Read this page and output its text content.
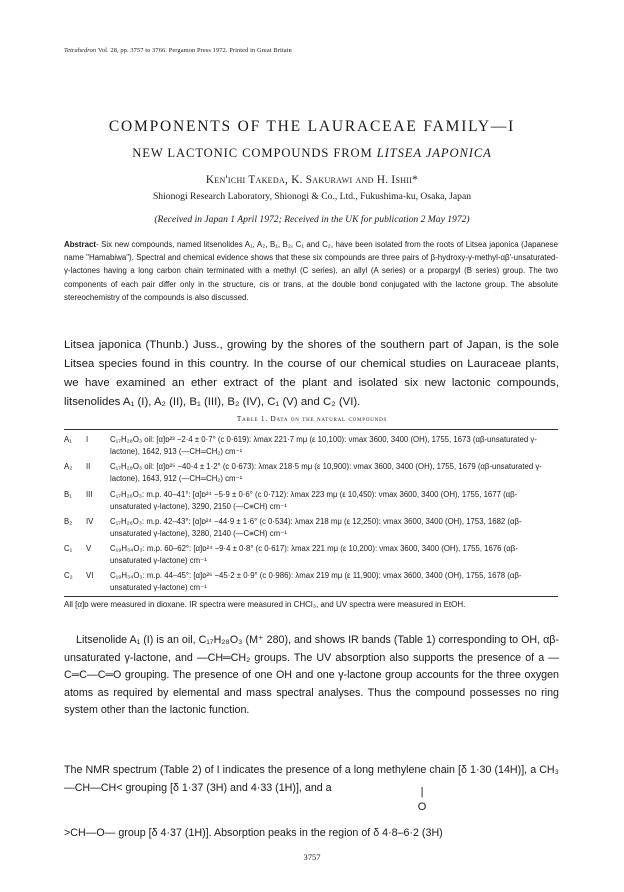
Tetrahedron Vol. 28, pp. 3757 to 3766. Pergamon Press 1972. Printed in Great Britain
COMPONENTS OF THE LAURACEAE FAMILY—I
NEW LACTONIC COMPOUNDS FROM LITSEA JAPONICA
Ken'ichi Takeda, K. Sakurawi and H. Ishii*
Shionogi Research Laboratory, Shionogi & Co., Ltd., Fukushima-ku, Osaka, Japan
(Received in Japan 1 April 1972; Received in the UK for publication 2 May 1972)
Abstract- Six new compounds, named litsenolides A₁, A₂, B₁, B₂, C₁ and C₂, have been isolated from the roots of Litsea japonica (Japanese name "Hamabiwa"). Spectral and chemical evidence shows that these six compounds are three pairs of β-hydroxy-γ-methyl-αβ'-unsaturated-γ-lactones having a long carbon chain terminated with a methyl (C series), an allyl (A series) or a propargyl (B series) group. The two components of each pair differ only in the structure, cis or trans, at the double bond conjugated with the lactone group. The absolute stereochemistry of the compounds is also discussed.
Litsea japonica (Thunb.) Juss., growing by the shores of the southern part of Japan, is the sole Litsea species found in this country. In the course of our chemical studies on Lauraceae plants, we have examined an ether extract of the plant and isolated six new lactonic compounds, litsenolides A₁ (I), A₂ (II), B₁ (III), B₂ (IV), C₁ (V) and C₂ (VI).
Table 1. Data on the natural compounds
A₁ I	C₁₇H₂₈O₃ oil: [α]ᴅ²³ −2·4 ± 0·7° (c 0·619): λmax 221·7 mμ (ε 10,100): νmax 3600, 3400 (OH), 1755, 1673 (αβ-unsaturated γ-lactone), 1642, 913 (—CH═CH₂) cm⁻¹
A₂ II	C₁₇H₂₈O₃ oil: [α]ᴅ²⁵ −40·4 ± 1·2° (c 0·673): λmax 218·5 mμ (ε 10,900): νmax 3600, 3400 (OH), 1755, 1679 (αβ-unsaturated γ-lactone), 1643, 912 (—CH═CH₂) cm⁻¹
B₁ III C₁₇H₂₆O₃: m.p. 40–41°: [α]ᴅ²⁴ −5·9 ± 0·6° (c 0·712): λmax 223 mμ (ε 10,450): νmax 3600, 3400 (OH), 1755, 1677 (αβ-unsaturated γ-lactone), 3290, 2150 (—C≡CH) cm⁻¹
B₂ IV C₁₇H₂₆O₃: m.p. 42–43°: [α]ᴅ²⁴ −44·9 ± 1·6° (c 0·534): λmax 218 mμ (ε 12,250): νmax 3600, 3400 (OH), 1753, 1682 (αβ-unsaturated γ-lactone), 3280, 2140 (—C≡CH) cm⁻¹
C₁ V C₁₉H₃₄O₃: m.p. 60–62°: [α]ᴅ²⁴ −9·4 ± 0·8° (c 0·617): λmax 221 mμ (ε 10,200): νmax 3600, 3400 (OH), 1755, 1676 (αβ-unsaturated γ-lactone) cm⁻¹
C₂ VI C₁₉H₃₄O₃: m.p. 44–45°: [α]ᴅ²⁶ −45·2 ± 0·9° (c 0·986): λmax 219 mμ (ε 11,900): νmax 3600, 3400 (OH), 1755, 1678 (αβ-unsaturated γ-lactone) cm⁻¹
All [α]ᴅ were measured in dioxane. IR spectra were measured in CHCl₃, and UV spectra were measured in EtOH.
Litsenolide A₁ (I) is an oil, C₁₇H₂₈O₃ (M⁺ 280), and shows IR bands (Table 1) corresponding to OH, αβ-unsaturated γ-lactone, and —CH═CH₂ groups. The UV absorption also supports the presence of a —C═C—C═O grouping. The presence of one OH and one γ-lactone group accounts for the three oxygen atoms as required by elemental and mass spectral analyses. Thus the compound possesses no ring system other than the lactonic function.
The NMR spectrum (Table 2) of I indicates the presence of a long methylene chain [δ 1·30 (14H)], a CH₃—CH—CH< grouping [δ 1·37 (3H) and 4·33 (1H)], and a	|
O
>CH—O— group [δ 4·37 (1H)]. Absorption peaks in the region of δ 4·8–6·2 (3H)
3757
